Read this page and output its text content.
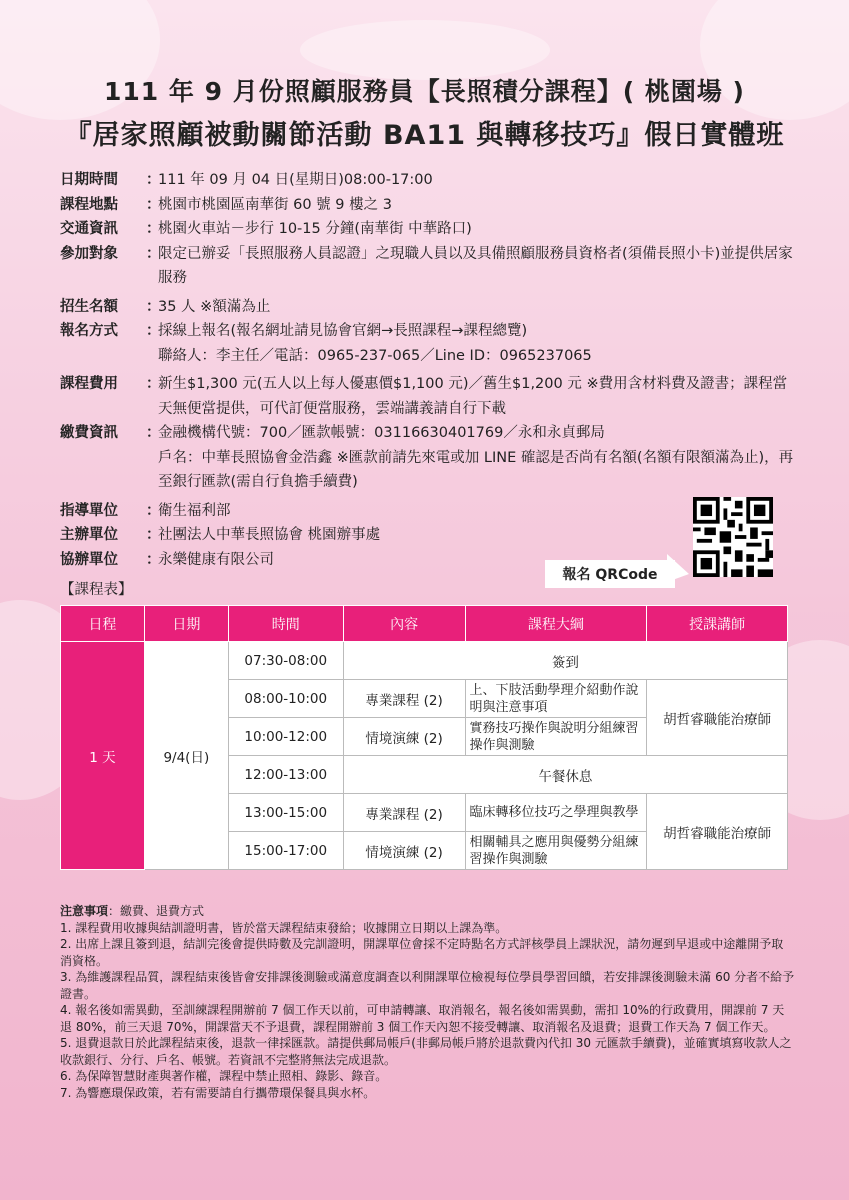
111 年 9 月份照顧服務員【長照積分課程】( 桃園場 )
『居家照顧被動關節活動 BA11 與轉移技巧』假日實體班
日期時間	：
111 年 09 月 04 日(星期日)08:00-17:00
課程地點	：
桃園市桃園區南華街 60 號 9 樓之 3
交通資訊	：
桃園火車站－步行 10-15 分鐘(南華街 中華路口)
參加對象	：
限定已辦妥「長照服務人員認證」之現職人員以及具備照顧服務員資格者(須備長照小卡)並提供居家服務
招生名額	：
35 人 ※額滿為止
報名方式	：
採線上報名(報名網址請見協會官網→長照課程→課程總覽)
聯絡人：李主任／電話：0965-237-065／Line ID：0965237065
課程費用	：
新生$1,300 元(五人以上每人優惠價$1,100 元)／舊生$1,200 元 ※費用含材料費及證書；課程當天無便當提供，可代訂便當服務，雲端講義請自行下載
繳費資訊	：
金融機構代號：700／匯款帳號：03116630401769／永和永貞郵局
戶名：中華長照協會金浩鑫 ※匯款前請先來電或加 LINE 確認是否尚有名額(名額有限額滿為止)，再至銀行匯款(需自行負擔手續費)
指導單位	：
衛生福利部
主辦單位	：
社團法人中華長照協會 桃園辦事處
協辦單位	：
永樂健康有限公司
報名 QRCode
【課程表】
日程	日期	時間	內容	課程大綱	授課講師
1 天	9/4(日)	07:30-08:00	簽到		
		08:00-10:00	專業課程 (2)	上、下肢活動學理介紹動作說明與注意事項	胡哲睿職能治療師
		10:00-12:00	情境演練 (2)	實務技巧操作與說明分組練習操作與測驗	
		12:00-13:00	午餐休息		
		13:00-15:00	專業課程 (2)	臨床轉移位技巧之學理與教學	胡哲睿職能治療師
		15:00-17:00	情境演練 (2)	相關輔具之應用與優勢分組練習操作與測驗	
注意事項：繳費、退費方式
1. 課程費用收據與結訓證明書，皆於當天課程結束發給；收據開立日期以上課為準。
2. 出席上課且簽到退，結訓完後會提供時數及完訓證明，開課單位會採不定時點名方式評核學員上課狀況，請勿遲到早退或中途離開予取消資格。
3. 為維護課程品質，課程結束後皆會安排課後測驗或滿意度調查以利開課單位檢視每位學員學習回饋，若安排課後測驗未滿 60 分者不給予證書。
4. 報名後如需異動，至訓練課程開辦前 7 個工作天以前，可申請轉讓、取消報名，報名後如需異動，需扣 10%的行政費用，開課前 7 天退 80%，前三天退 70%，開課當天不予退費，課程開辦前 3 個工作天內恕不接受轉讓、取消報名及退費；退費工作天為 7 個工作天。
5. 退費退款日於此課程結束後，退款一律採匯款。請提供郵局帳戶(非郵局帳戶將於退款費內代扣 30 元匯款手續費)，並確實填寫收款人之收款銀行、分行、戶名、帳號。若資訊不完整將無法完成退款。
6. 為保障智慧財產與著作權，課程中禁止照相、錄影、錄音。
7. 為響應環保政策，若有需要請自行攜帶環保餐具與水杯。
